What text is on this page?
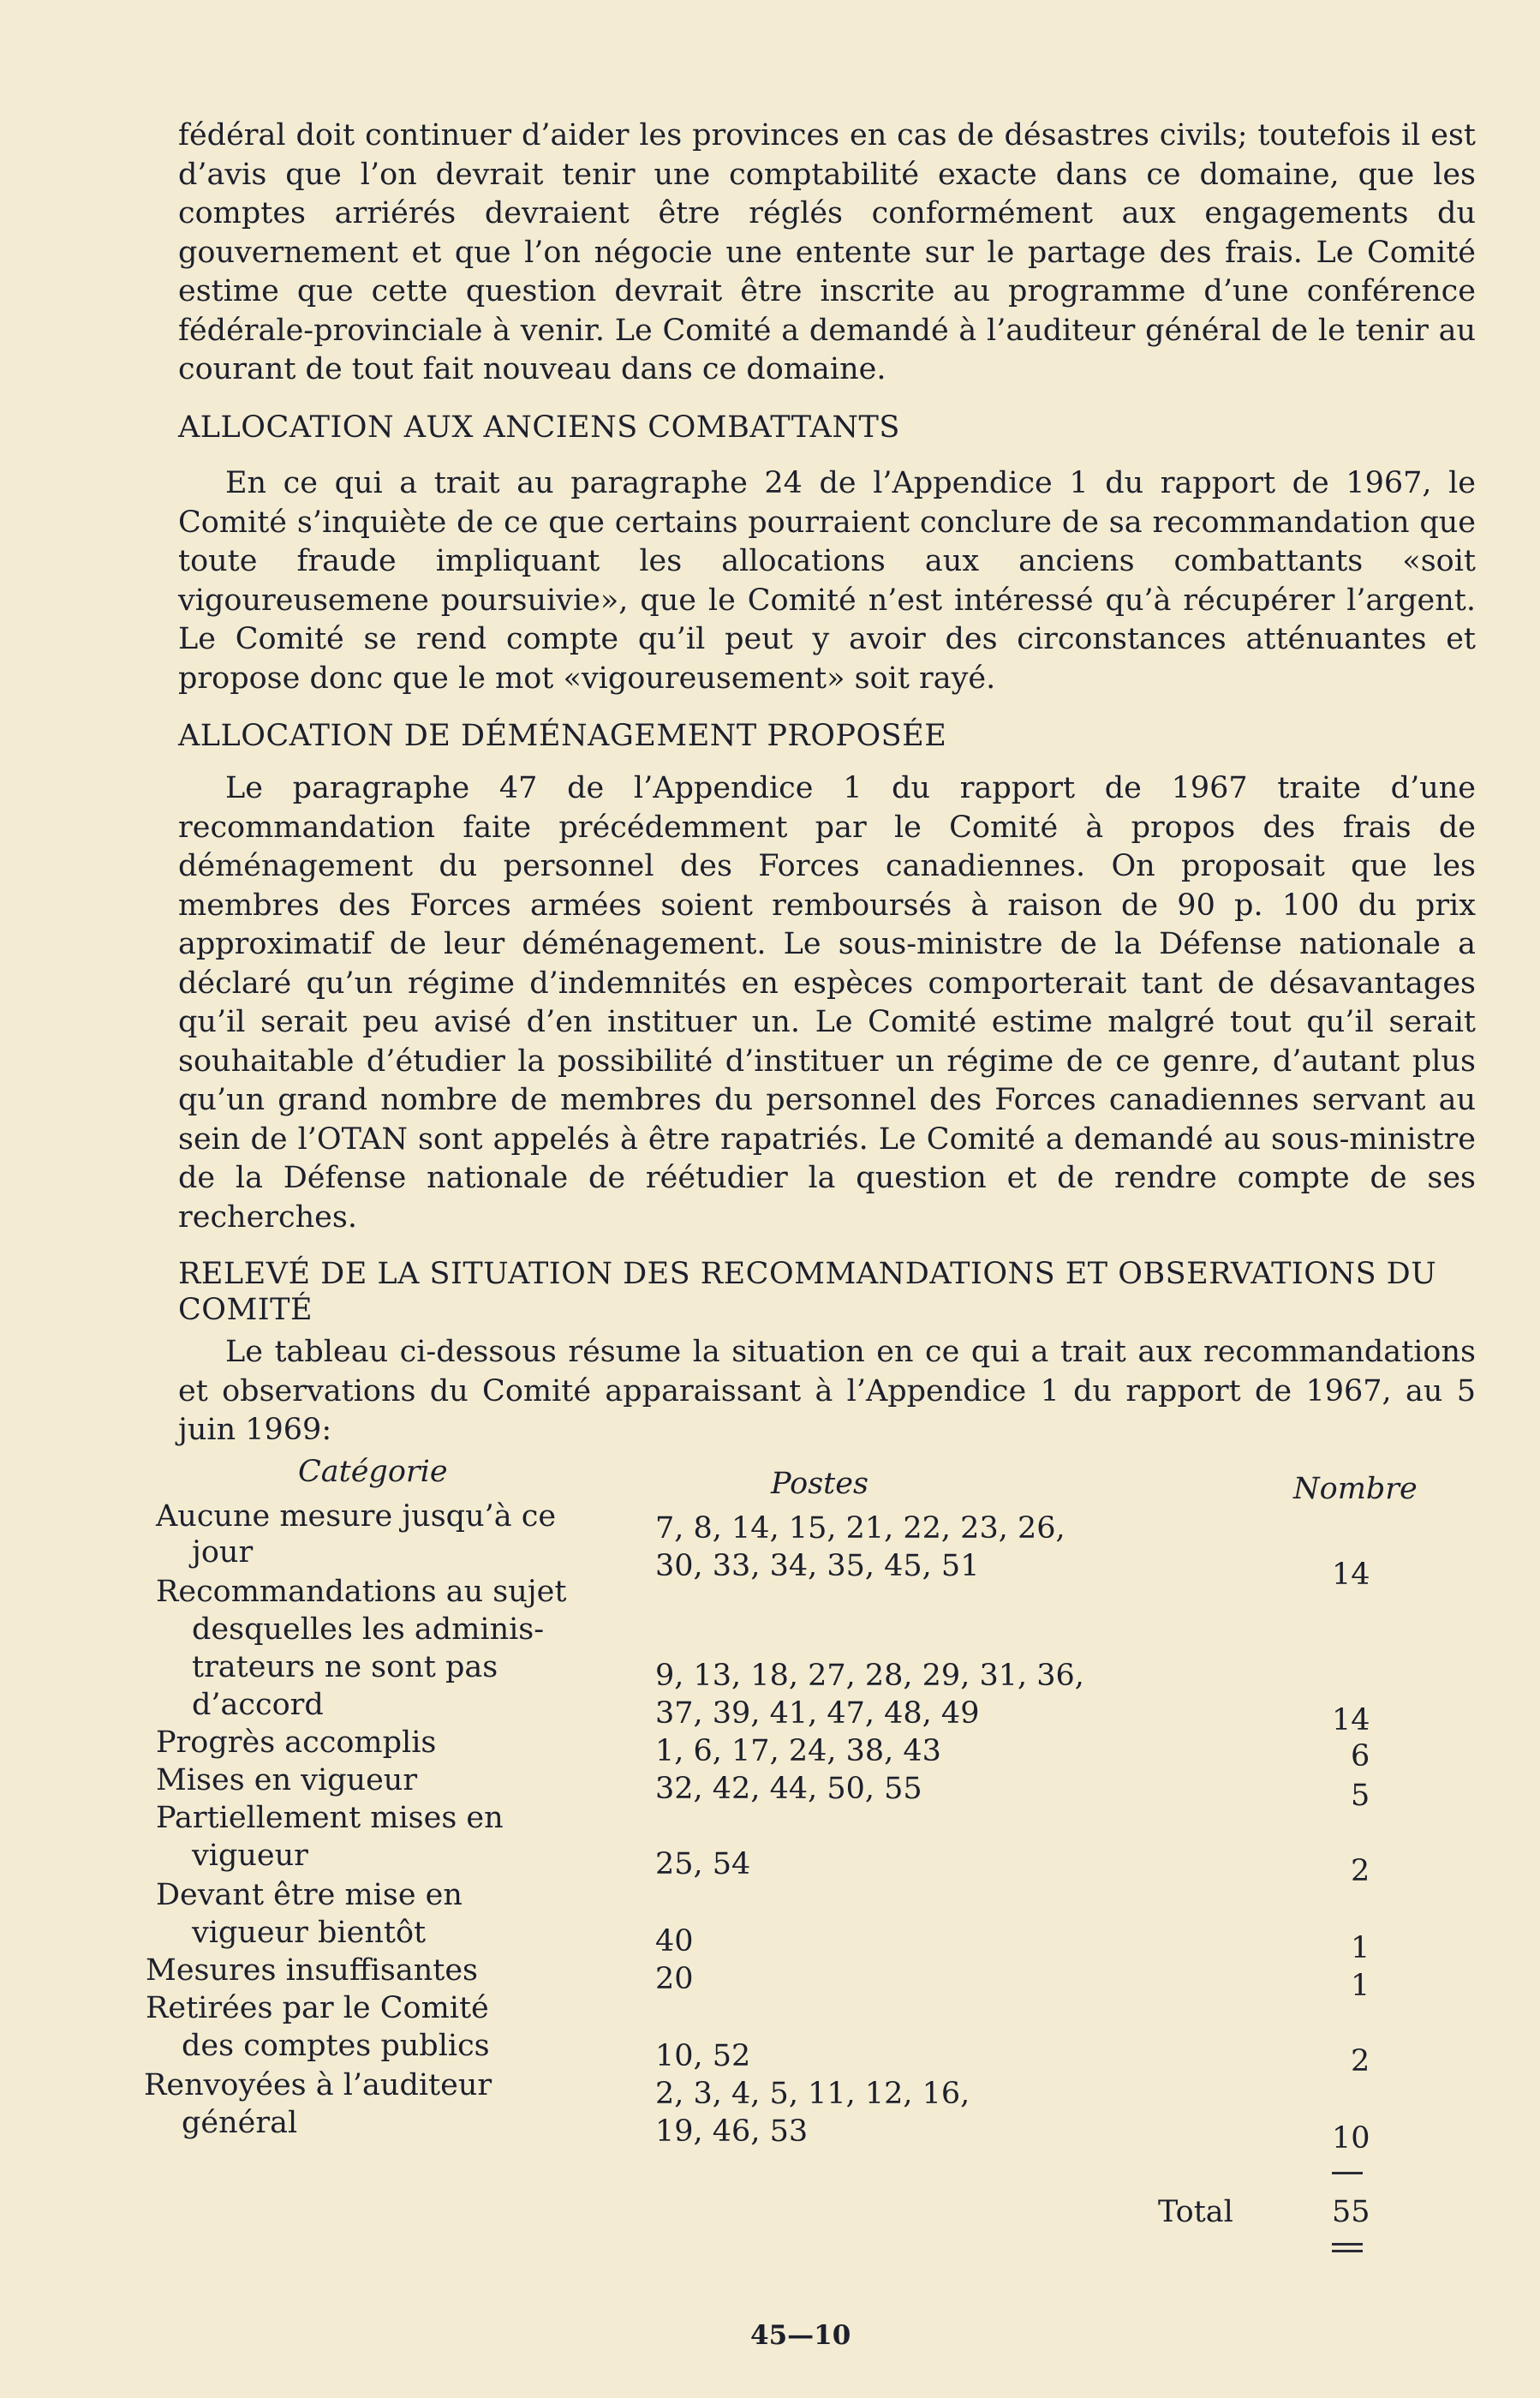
fédéral doit continuer d’aider les provinces en cas de désastres civils; toutefois il est d’avis que l’on devrait tenir une comptabilité exacte dans ce domaine, que les comptes arriérés devraient être réglés conformément aux engagements du gouvernement et que l’on négocie une entente sur le partage des frais. Le Comité estime que cette question devrait être inscrite au programme d’une conférence fédérale-provinciale à venir. Le Comité a demandé à l’auditeur général de le tenir au courant de tout fait nouveau dans ce domaine.

ALLOCATION AUX ANCIENS COMBATTANTS

En ce qui a trait au paragraphe 24 de l’Appendice 1 du rapport de 1967, le Comité s’inquiète de ce que certains pourraient conclure de sa recommandation que toute fraude impliquant les allocations aux anciens combattants «soit vigoureusemene poursuivie», que le Comité n’est intéressé qu’à récupérer l’argent. Le Comité se rend compte qu’il peut y avoir des circonstances atténuantes et propose donc que le mot «vigoureusement» soit rayé.

ALLOCATION DE DÉMÉNAGEMENT PROPOSÉE

Le paragraphe 47 de l’Appendice 1 du rapport de 1967 traite d’une recommandation faite précédemment par le Comité à propos des frais de déménagement du personnel des Forces canadiennes. On proposait que les membres des Forces armées soient remboursés à raison de 90 p. 100 du prix approximatif de leur déménagement. Le sous-ministre de la Défense nationale a déclaré qu’un régime d’indemnités en espèces comporterait tant de désavantages qu’il serait peu avisé d’en instituer un. Le Comité estime malgré tout qu’il serait souhaitable d’étudier la possibilité d’instituer un régime de ce genre, d’autant plus qu’un grand nombre de membres du personnel des Forces canadiennes servant au sein de l’OTAN sont appelés à être rapatriés. Le Comité a demandé au sous-ministre de la Défense nationale de réétudier la question et de rendre compte de ses recherches.

RELEVÉ DE LA SITUATION DES RECOMMANDATIONS ET OBSERVATIONS DU COMITÉ

Le tableau ci-dessous résume la situation en ce qui a trait aux recommandations et observations du Comité apparaissant à l’Appendice 1 du rapport de 1967, au 5 juin 1969:

Catégorie	Postes	Nombre
Aucune mesure jusqu’à ce
jour
7, 8, 14, 15, 21, 22, 23, 26,
30, 33, 34, 35, 45, 51	14
Recommandations au sujet
desquelles les adminis-
trateurs ne sont pas
d’accord
9, 13, 18, 27, 28, 29, 31, 36,
37, 39, 41, 47, 48, 49	14
Progrès accomplis	1, 6, 17, 24, 38, 43	6
Mises en vigueur	32, 42, 44, 50, 55	5
Partiellement mises en
vigueur	25, 54	2
Devant être mise en
vigueur bientôt	40	1
Mesures insuffisantes	20	1
Retirées par le Comité
des comptes publics	10, 52	2
Renvoyées à l’auditeur
général
2, 3, 4, 5, 11, 12, 16,
19, 46, 53	10
Total	55
45—10
